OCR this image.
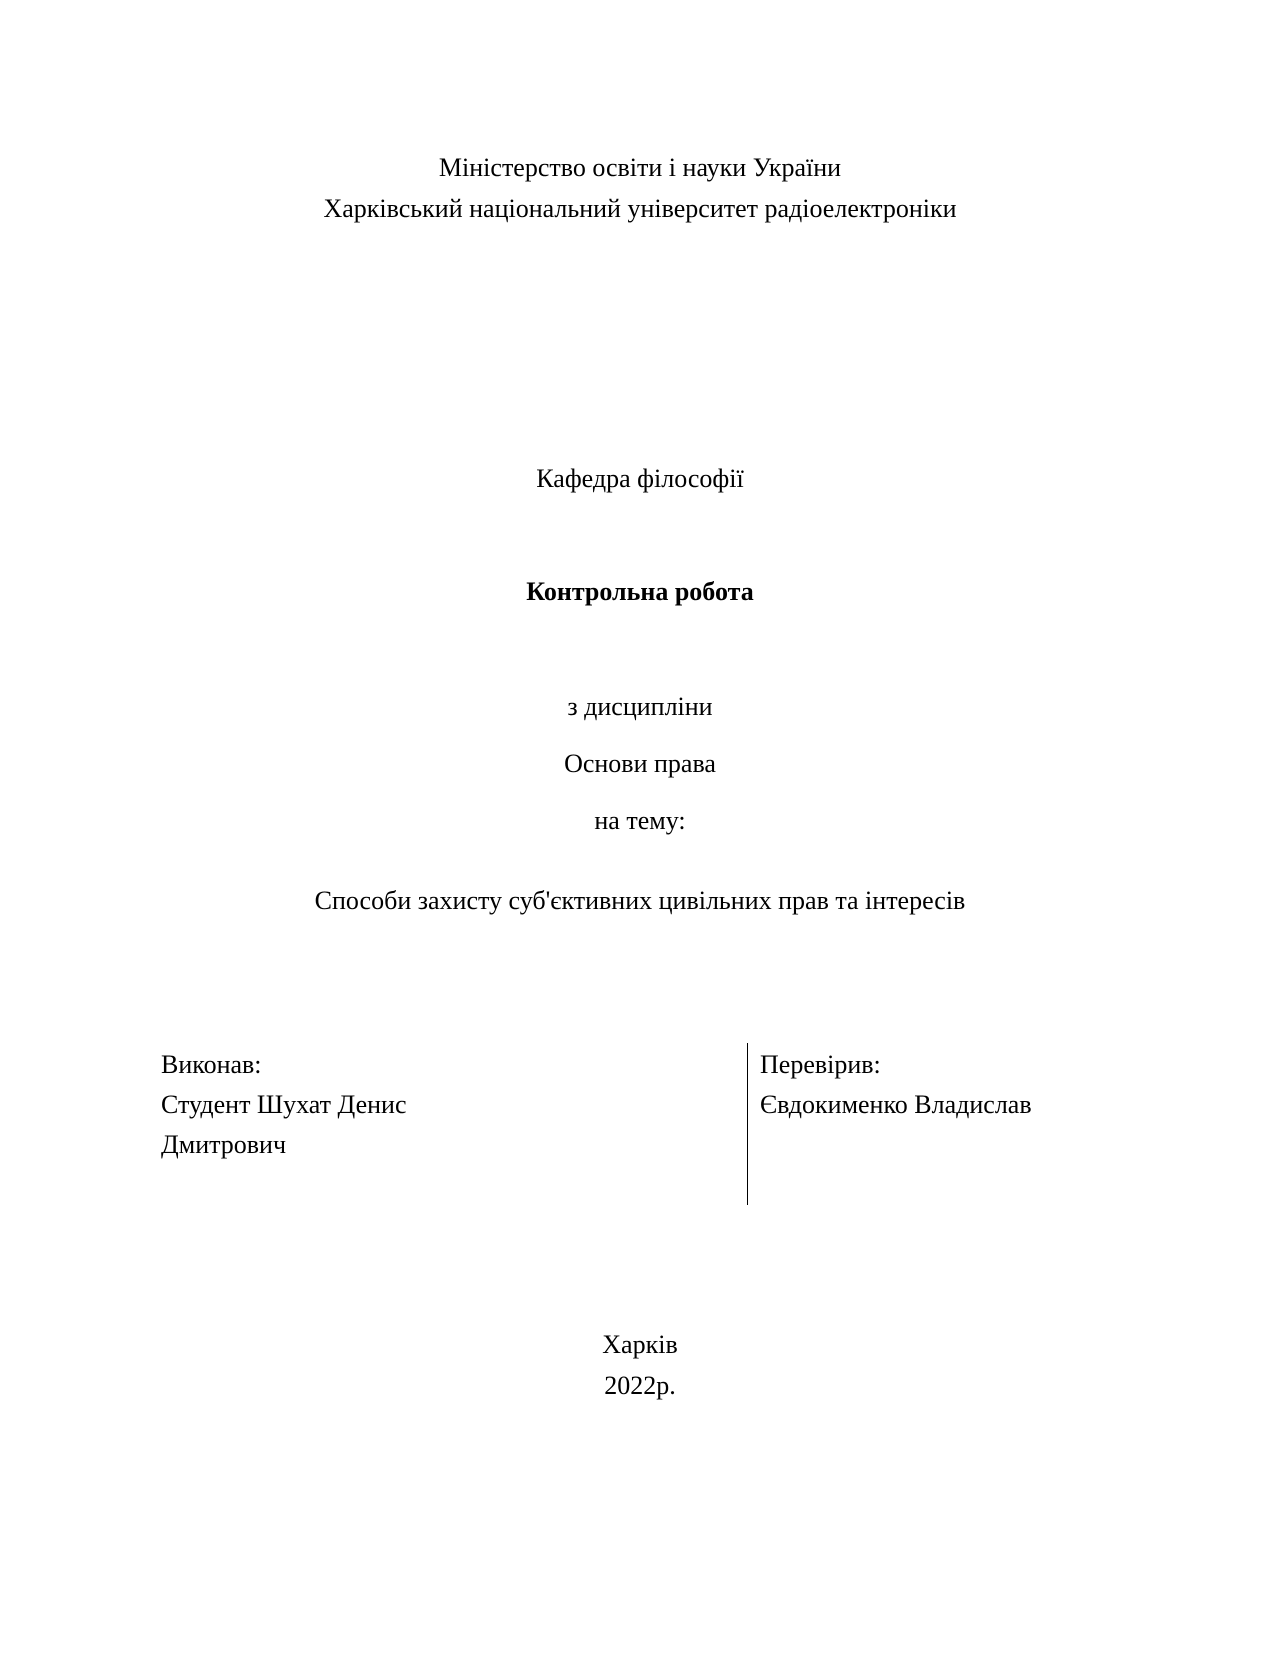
Міністерство освіти і науки України
Харківський національний університет радіоелектроніки
Кафедра філософії
Контрольна робота
з дисципліни
Основи права
на тему:
Способи захисту суб'єктивних цивільних прав та інтересів
Виконав:
Студент Шухат Денис
Дмитрович
Перевірив:
Євдокименко Владислав
Харків
2022р.
